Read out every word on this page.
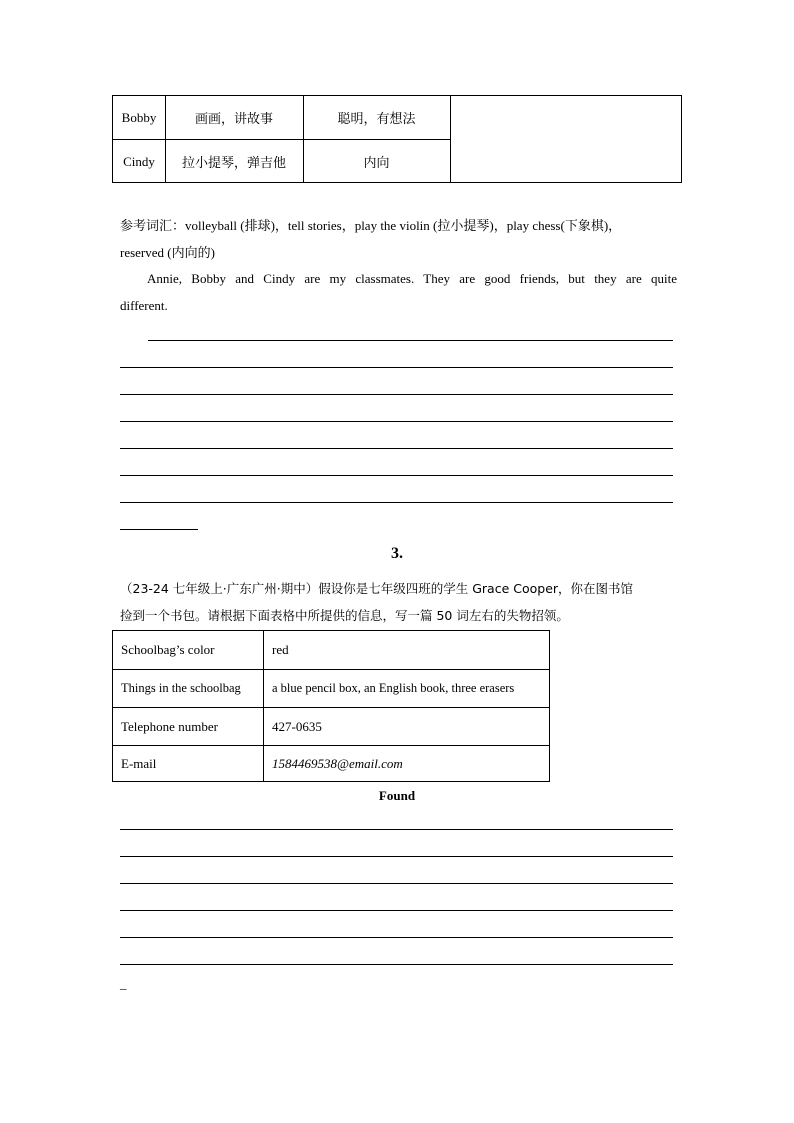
Bobby	画画，讲故事	聪明，有想法
Cindy	拉小提琴，弹吉他	内向
参考词汇：volleyball (排球)，tell stories，play the violin (拉小提琴)，play chess(下象棋)，
reserved (内向的)
Annie, Bobby and Cindy are my classmates. They are good friends, but they are quite
different.
3.
（23-24 七年级上·广东广州·期中）假设你是七年级四班的学生 Grace Cooper，你在图书馆
捡到一个书包。请根据下面表格中所提供的信息，写一篇 50 词左右的失物招领。
Schoolbag’s color	red
Things in the schoolbag	a blue pencil box, an English book, three erasers
Telephone number	427-0635
E-mail	1584469538@email.com
Found
_
